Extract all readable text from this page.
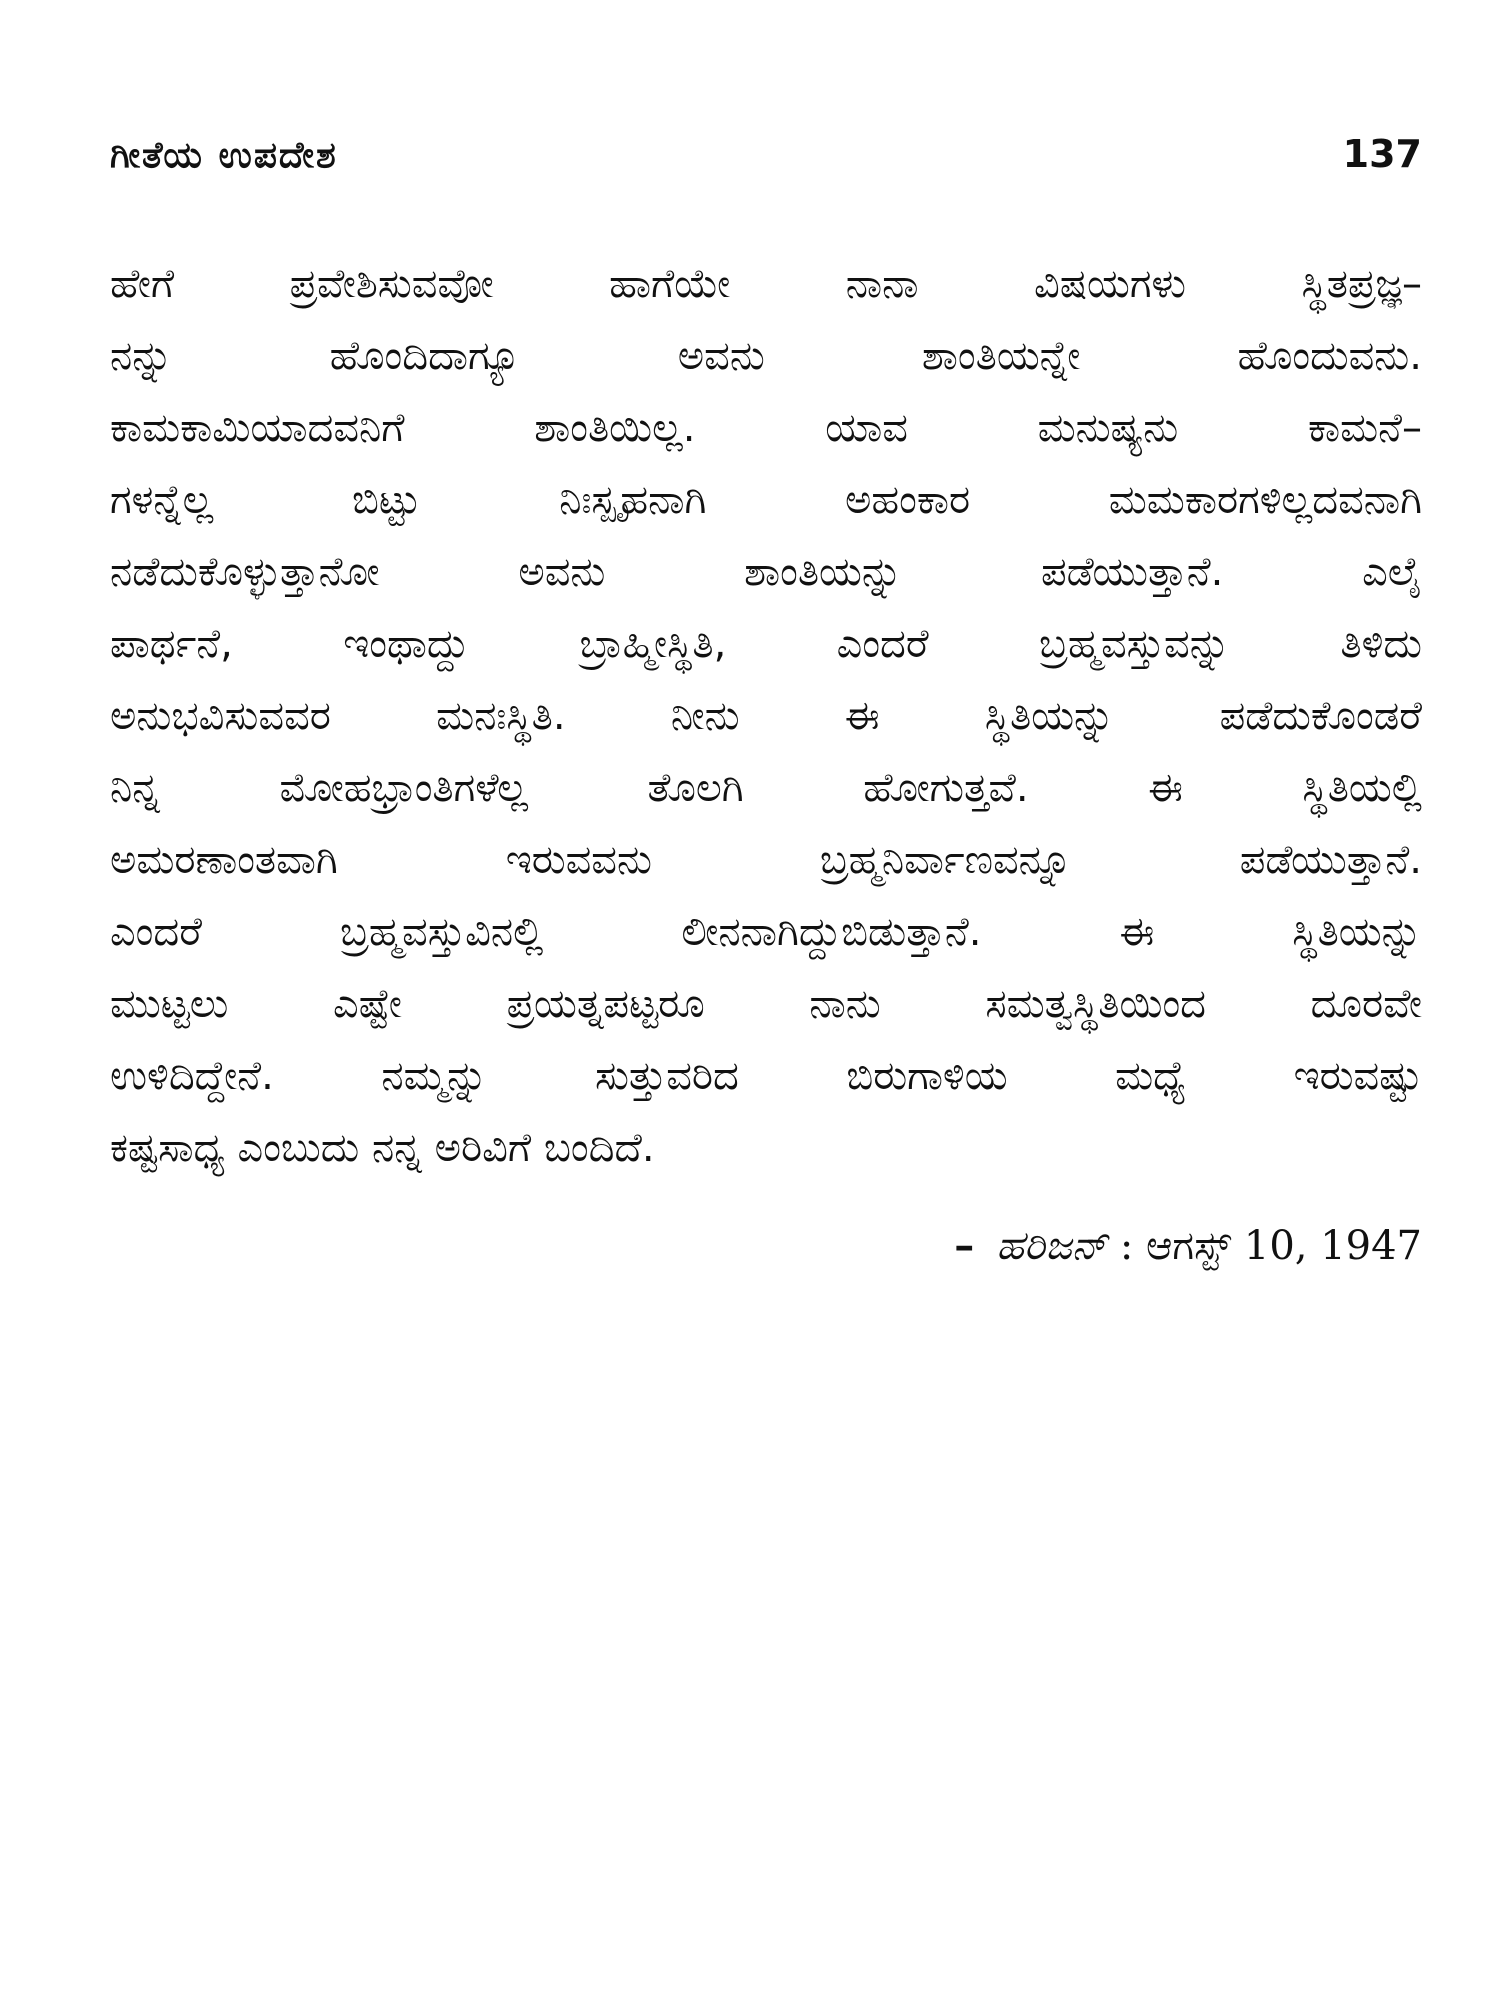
ಗೀತೆಯ ಉಪದೇಶ	137
ಹೇಗೆ ಪ್ರವೇಶಿಸುವವೋ ಹಾಗೆಯೇ ನಾನಾ ವಿಷಯಗಳು ಸ್ಥಿತಪ್ರಜ್ಞ–
ನನ್ನು ಹೊಂದಿದಾಗ್ಯೂ ಅವನು ಶಾಂತಿಯನ್ನೇ ಹೊಂದುವನು.
ಕಾಮಕಾಮಿಯಾದವನಿಗೆ ಶಾಂತಿಯಿಲ್ಲ. ಯಾವ ಮನುಷ್ಯನು ಕಾಮನೆ–
ಗಳನ್ನೆಲ್ಲ ಬಿಟ್ಟು ನಿಃಸ್ಪೃಹನಾಗಿ ಅಹಂಕಾರ ಮಮಕಾರಗಳಿಲ್ಲದವನಾಗಿ
ನಡೆದುಕೊಳ್ಳುತ್ತಾನೋ ಅವನು ಶಾಂತಿಯನ್ನು ಪಡೆಯುತ್ತಾನೆ. ಎಲೈ
ಪಾರ್ಥನೆ, ಇಂಥಾದ್ದು ಬ್ರಾಹ್ಮೀಸ್ಥಿತಿ, ಎಂದರೆ ಬ್ರಹ್ಮವಸ್ತುವನ್ನು ತಿಳಿದು
ಅನುಭವಿಸುವವರ ಮನಃಸ್ಥಿತಿ. ನೀನು ಈ ಸ್ಥಿತಿಯನ್ನು ಪಡೆದುಕೊಂಡರೆ
ನಿನ್ನ ಮೋಹಭ್ರಾಂತಿಗಳೆಲ್ಲ ತೊಲಗಿ ಹೋಗುತ್ತವೆ. ಈ ಸ್ಥಿತಿಯಲ್ಲಿ
ಅಮರಣಾಂತವಾಗಿ ಇರುವವನು ಬ್ರಹ್ಮನಿರ್ವಾಣವನ್ನೂ ಪಡೆಯುತ್ತಾನೆ.
ಎಂದರೆ ಬ್ರಹ್ಮವಸ್ತುವಿನಲ್ಲಿ ಲೀನನಾಗಿದ್ದುಬಿಡುತ್ತಾನೆ. ಈ ಸ್ಥಿತಿಯನ್ನು
ಮುಟ್ಟಲು ಎಷ್ಟೇ ಪ್ರಯತ್ನಪಟ್ಟರೂ ನಾನು ಸಮತ್ವಸ್ಥಿತಿಯಿಂದ ದೂರವೇ
ಉಳಿದಿದ್ದೇನೆ. ನಮ್ಮನ್ನು ಸುತ್ತುವರಿದ ಬಿರುಗಾಳಿಯ ಮಧ್ಯೆ ಇರುವಷ್ಟು
ಕಷ್ಟಸಾಧ್ಯ ಎಂಬುದು ನನ್ನ ಅರಿವಿಗೆ ಬಂದಿದೆ.
– ಹರಿಜನ್ : ಆಗಸ್ಟ್ 10, 1947
